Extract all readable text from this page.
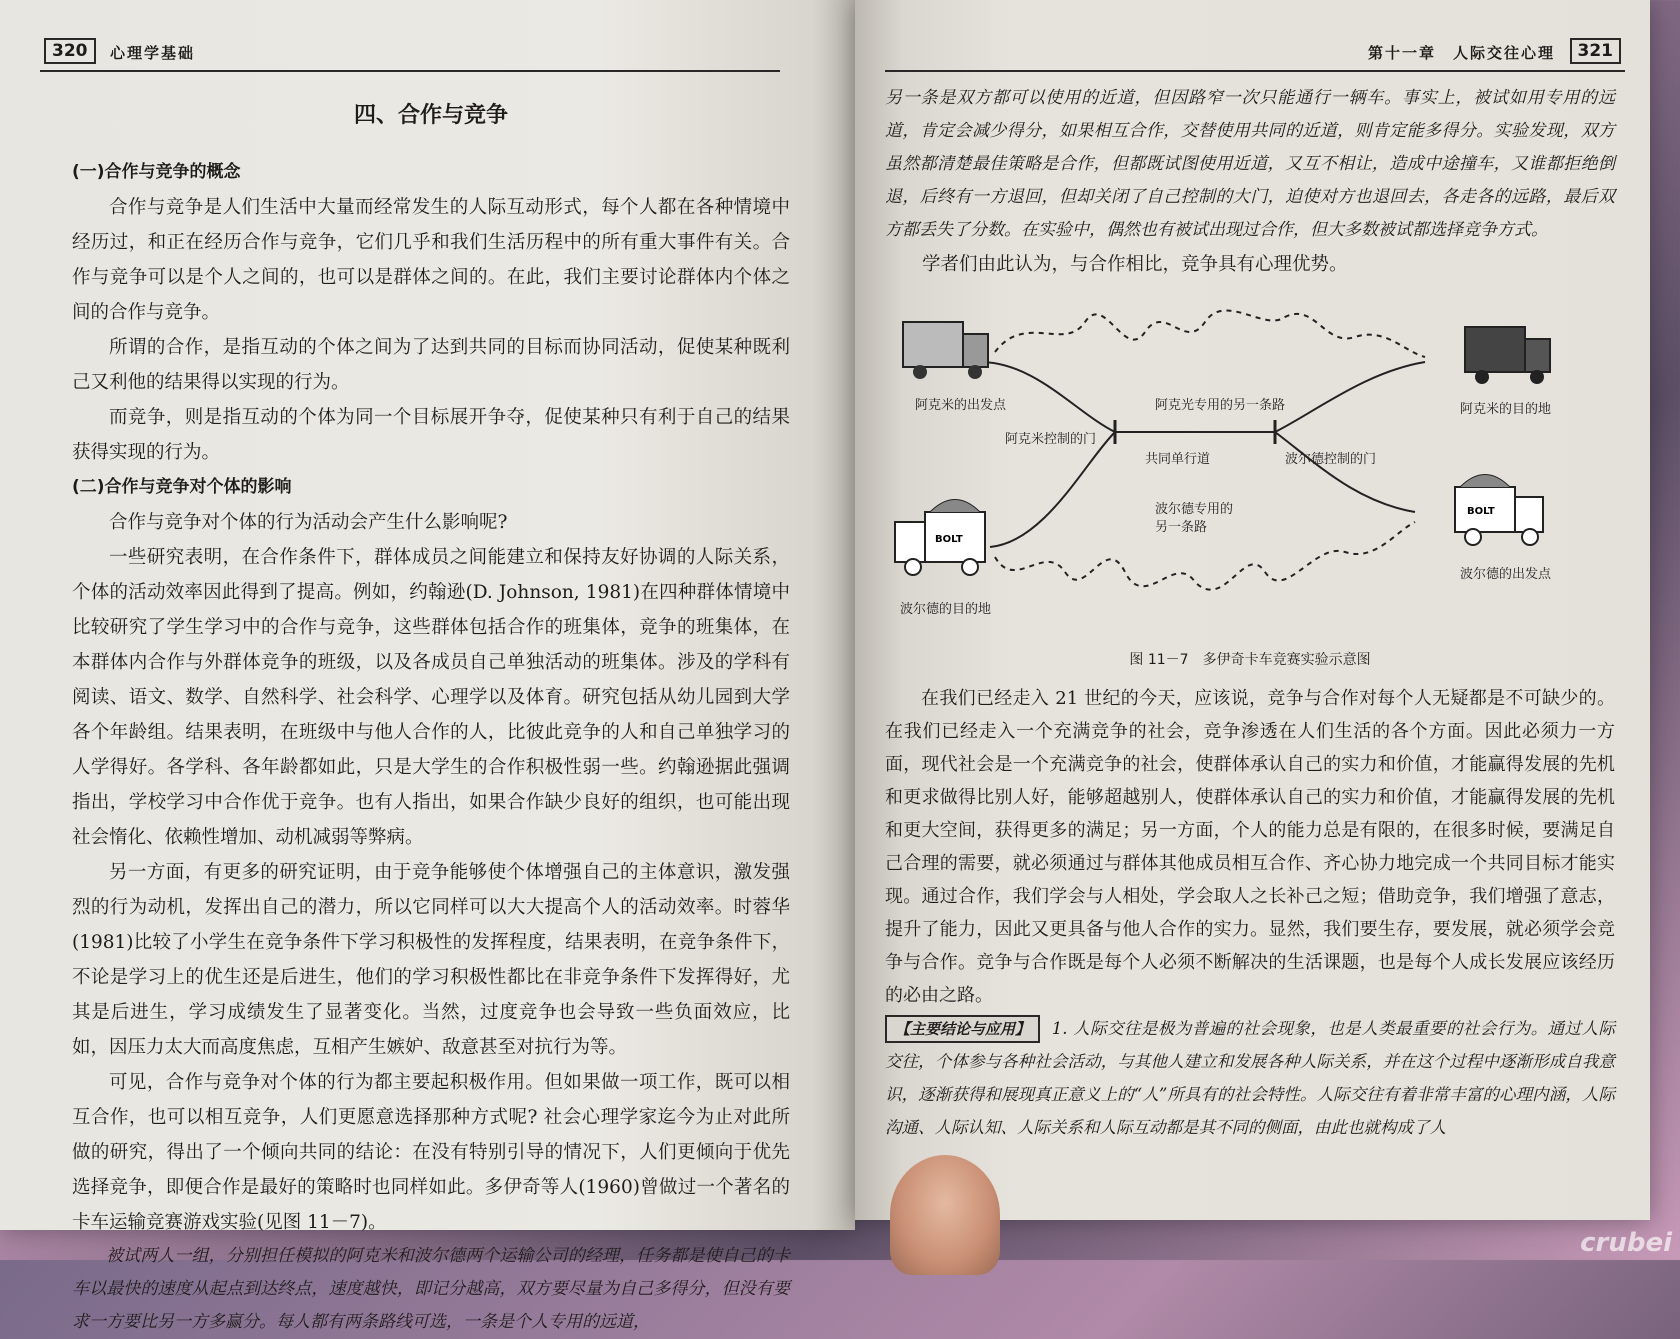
320	心理学基础
四、合作与竞争
(一)合作与竞争的概念

合作与竞争是人们生活中大量而经常发生的人际互动形式，每个人都在各种情境中经历过，和正在经历合作与竞争，它们几乎和我们生活历程中的所有重大事件有关。合作与竞争可以是个人之间的，也可以是群体之间的。在此，我们主要讨论群体内个体之间的合作与竞争。

所谓的合作，是指互动的个体之间为了达到共同的目标而协同活动，促使某种既利己又利他的结果得以实现的行为。

而竞争，则是指互动的个体为同一个目标展开争夺，促使某种只有利于自己的结果获得实现的行为。

(二)合作与竞争对个体的影响

合作与竞争对个体的行为活动会产生什么影响呢?

一些研究表明，在合作条件下，群体成员之间能建立和保持友好协调的人际关系，个体的活动效率因此得到了提高。例如，约翰逊(D. Johnson, 1981)在四种群体情境中比较研究了学生学习中的合作与竞争，这些群体包括合作的班集体，竞争的班集体，在本群体内合作与外群体竞争的班级，以及各成员自己单独活动的班集体。涉及的学科有阅读、语文、数学、自然科学、社会科学、心理学以及体育。研究包括从幼儿园到大学各个年龄组。结果表明，在班级中与他人合作的人，比彼此竞争的人和自己单独学习的人学得好。各学科、各年龄都如此，只是大学生的合作积极性弱一些。约翰逊据此强调指出，学校学习中合作优于竞争。也有人指出，如果合作缺少良好的组织，也可能出现社会惰化、依赖性增加、动机减弱等弊病。

另一方面，有更多的研究证明，由于竞争能够使个体增强自己的主体意识，激发强烈的行为动机，发挥出自己的潜力，所以它同样可以大大提高个人的活动效率。时蓉华(1981)比较了小学生在竞争条件下学习积极性的发挥程度，结果表明，在竞争条件下，不论是学习上的优生还是后进生，他们的学习积极性都比在非竞争条件下发挥得好，尤其是后进生，学习成绩发生了显著变化。当然，过度竞争也会导致一些负面效应，比如，因压力太大而高度焦虑，互相产生嫉妒、敌意甚至对抗行为等。

可见，合作与竞争对个体的行为都主要起积极作用。但如果做一项工作，既可以相互合作，也可以相互竞争，人们更愿意选择那种方式呢? 社会心理学家迄今为止对此所做的研究，得出了一个倾向共同的结论：在没有特别引导的情况下，人们更倾向于优先选择竞争，即便合作是最好的策略时也同样如此。多伊奇等人(1960)曾做过一个著名的卡车运输竞赛游戏实验(见图 11－7)。

被试两人一组，分别担任模拟的阿克米和波尔德两个运输公司的经理，任务都是使自己的卡车以最快的速度从起点到达终点，速度越快，即记分越高，双方要尽量为自己多得分，但没有要求一方要比另一方多赢分。每人都有两条路线可选，一条是个人专用的远道，

第十一章　人际交往心理	321

另一条是双方都可以使用的近道，但因路窄一次只能通行一辆车。事实上，被试如用专用的远道，肯定会减少得分，如果相互合作，交替使用共同的近道，则肯定能多得分。实验发现，双方虽然都清楚最佳策略是合作，但都既试图使用近道，又互不相让，造成中途撞车，又谁都拒绝倒退，后终有一方退回，但却关闭了自己控制的大门，迫使对方也退回去，各走各的远路，最后双方都丢失了分数。在实验中，偶然也有被试出现过合作，但大多数被试都选择竞争方式。

学者们由此认为，与合作相比，竞争具有心理优势。

BOLT
BOLT
阿克米的出发点	阿克光专用的另一条路	阿克米的目的地
阿克米控制的门
共同单行道	波尔德控制的门
波尔德专用的
另一条路
波尔德的目的地
波尔德的出发点
图 11－7　多伊奇卡车竞赛实验示意图

在我们已经走入 21 世纪的今天，应该说，竞争与合作对每个人无疑都是不可缺少的。在我们已经走入一个充满竞争的社会，竞争渗透在人们生活的各个方面。因此必须力一方面，现代社会是一个充满竞争的社会，使群体承认自己的实力和价值，才能赢得发展的先机和更求做得比别人好，能够超越别人，使群体承认自己的实力和价值，才能赢得发展的先机和更大空间，获得更多的满足；另一方面，个人的能力总是有限的，在很多时候，要满足自己合理的需要，就必须通过与群体其他成员相互合作、齐心协力地完成一个共同目标才能实现。通过合作，我们学会与人相处，学会取人之长补己之短；借助竞争，我们增强了意志，提升了能力，因此又更具备与他人合作的实力。显然，我们要生存，要发展，就必须学会竞争与合作。竞争与合作既是每个人必须不断解决的生活课题，也是每个人成长发展应该经历的必由之路。

【主要结论与应用】 1. 人际交往是极为普遍的社会现象，也是人类最重要的社会行为。通过人际交往，个体参与各种社会活动，与其他人建立和发展各种人际关系，并在这个过程中逐渐形成自我意识，逐渐获得和展现真正意义上的“人”所具有的社会特性。人际交往有着非常丰富的心理内涵，人际沟通、人际认知、人际关系和人际互动都是其不同的侧面，由此也就构成了人

crubei
